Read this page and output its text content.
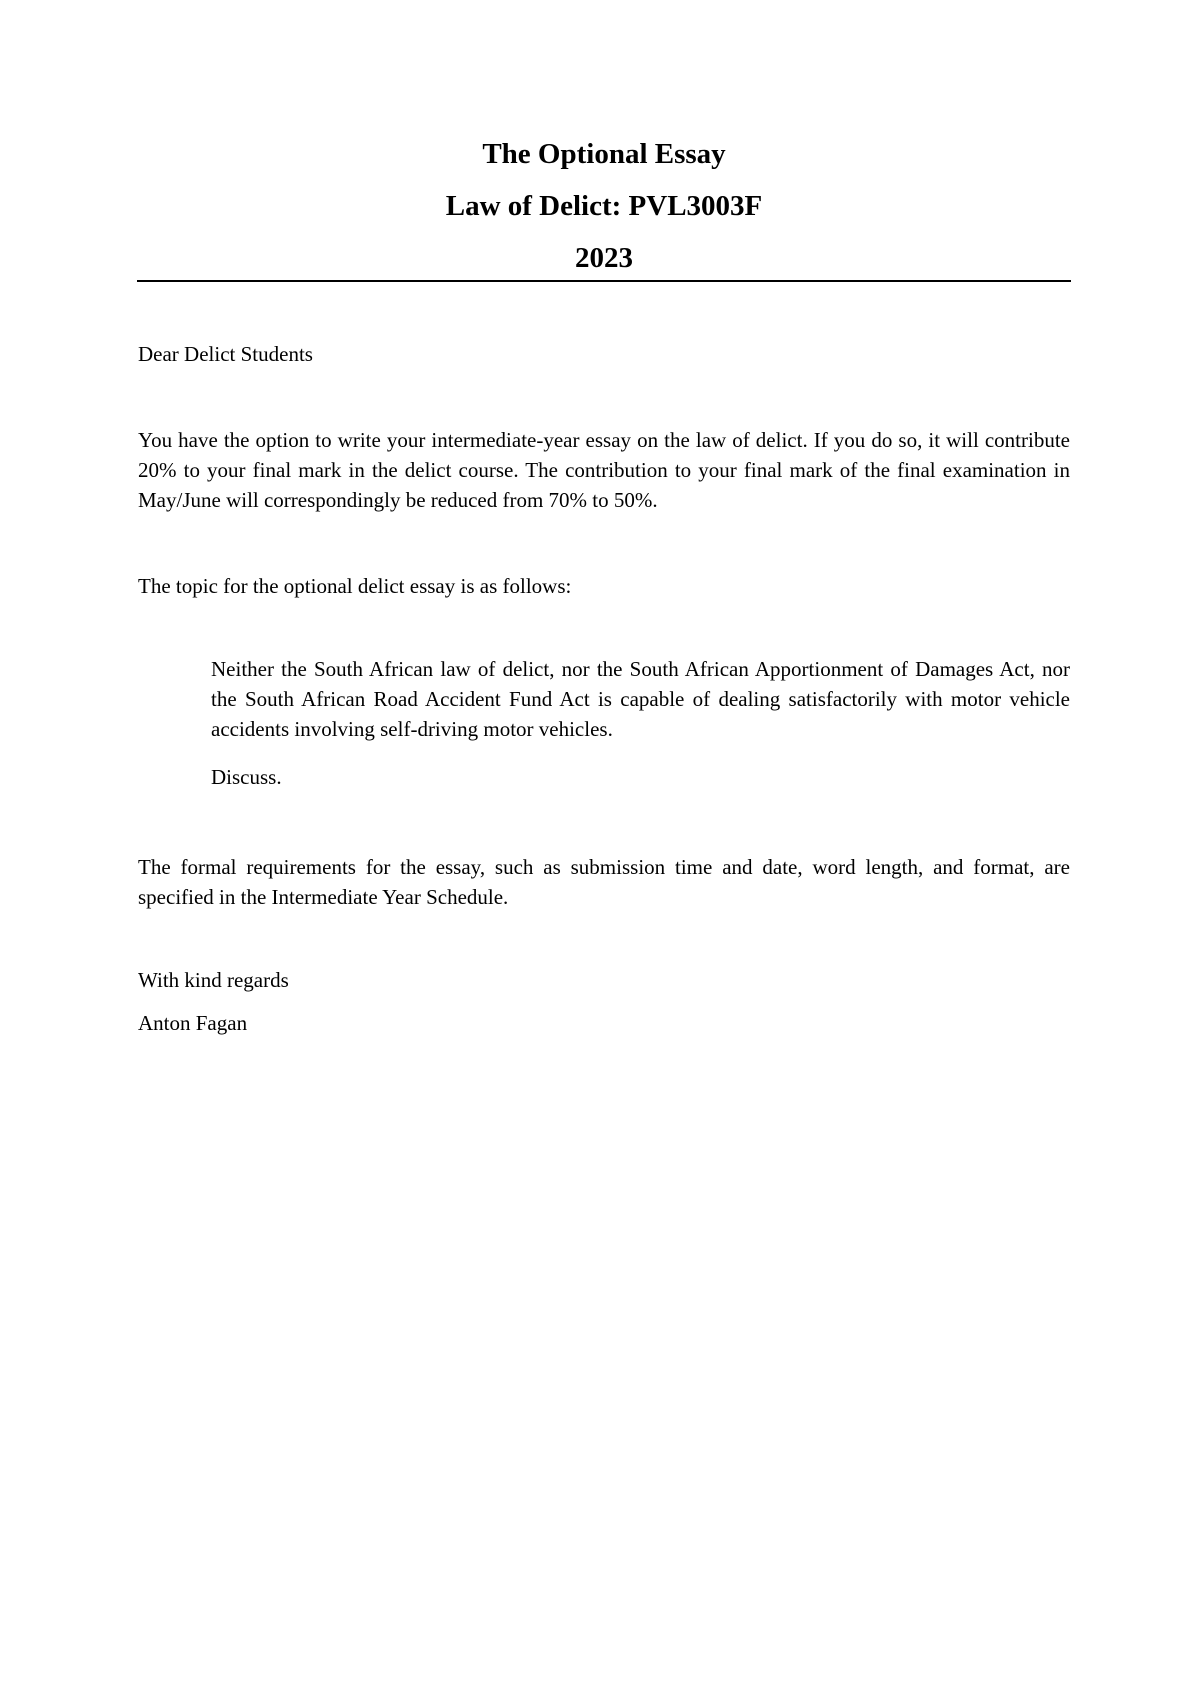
The Optional Essay
Law of Delict: PVL3003F
2023
Dear Delict Students
You have the option to write your intermediate-year essay on the law of delict. If you do so, it will contribute 20% to your final mark in the delict course. The contribution to your final mark of the final examination in May/June will correspondingly be reduced from 70% to 50%.
The topic for the optional delict essay is as follows:
Neither the South African law of delict, nor the South African Apportionment of Damages Act, nor the South African Road Accident Fund Act is capable of dealing satisfactorily with motor vehicle accidents involving self-driving motor vehicles.
Discuss.
The formal requirements for the essay, such as submission time and date, word length, and format, are specified in the Intermediate Year Schedule.
With kind regards
Anton Fagan
